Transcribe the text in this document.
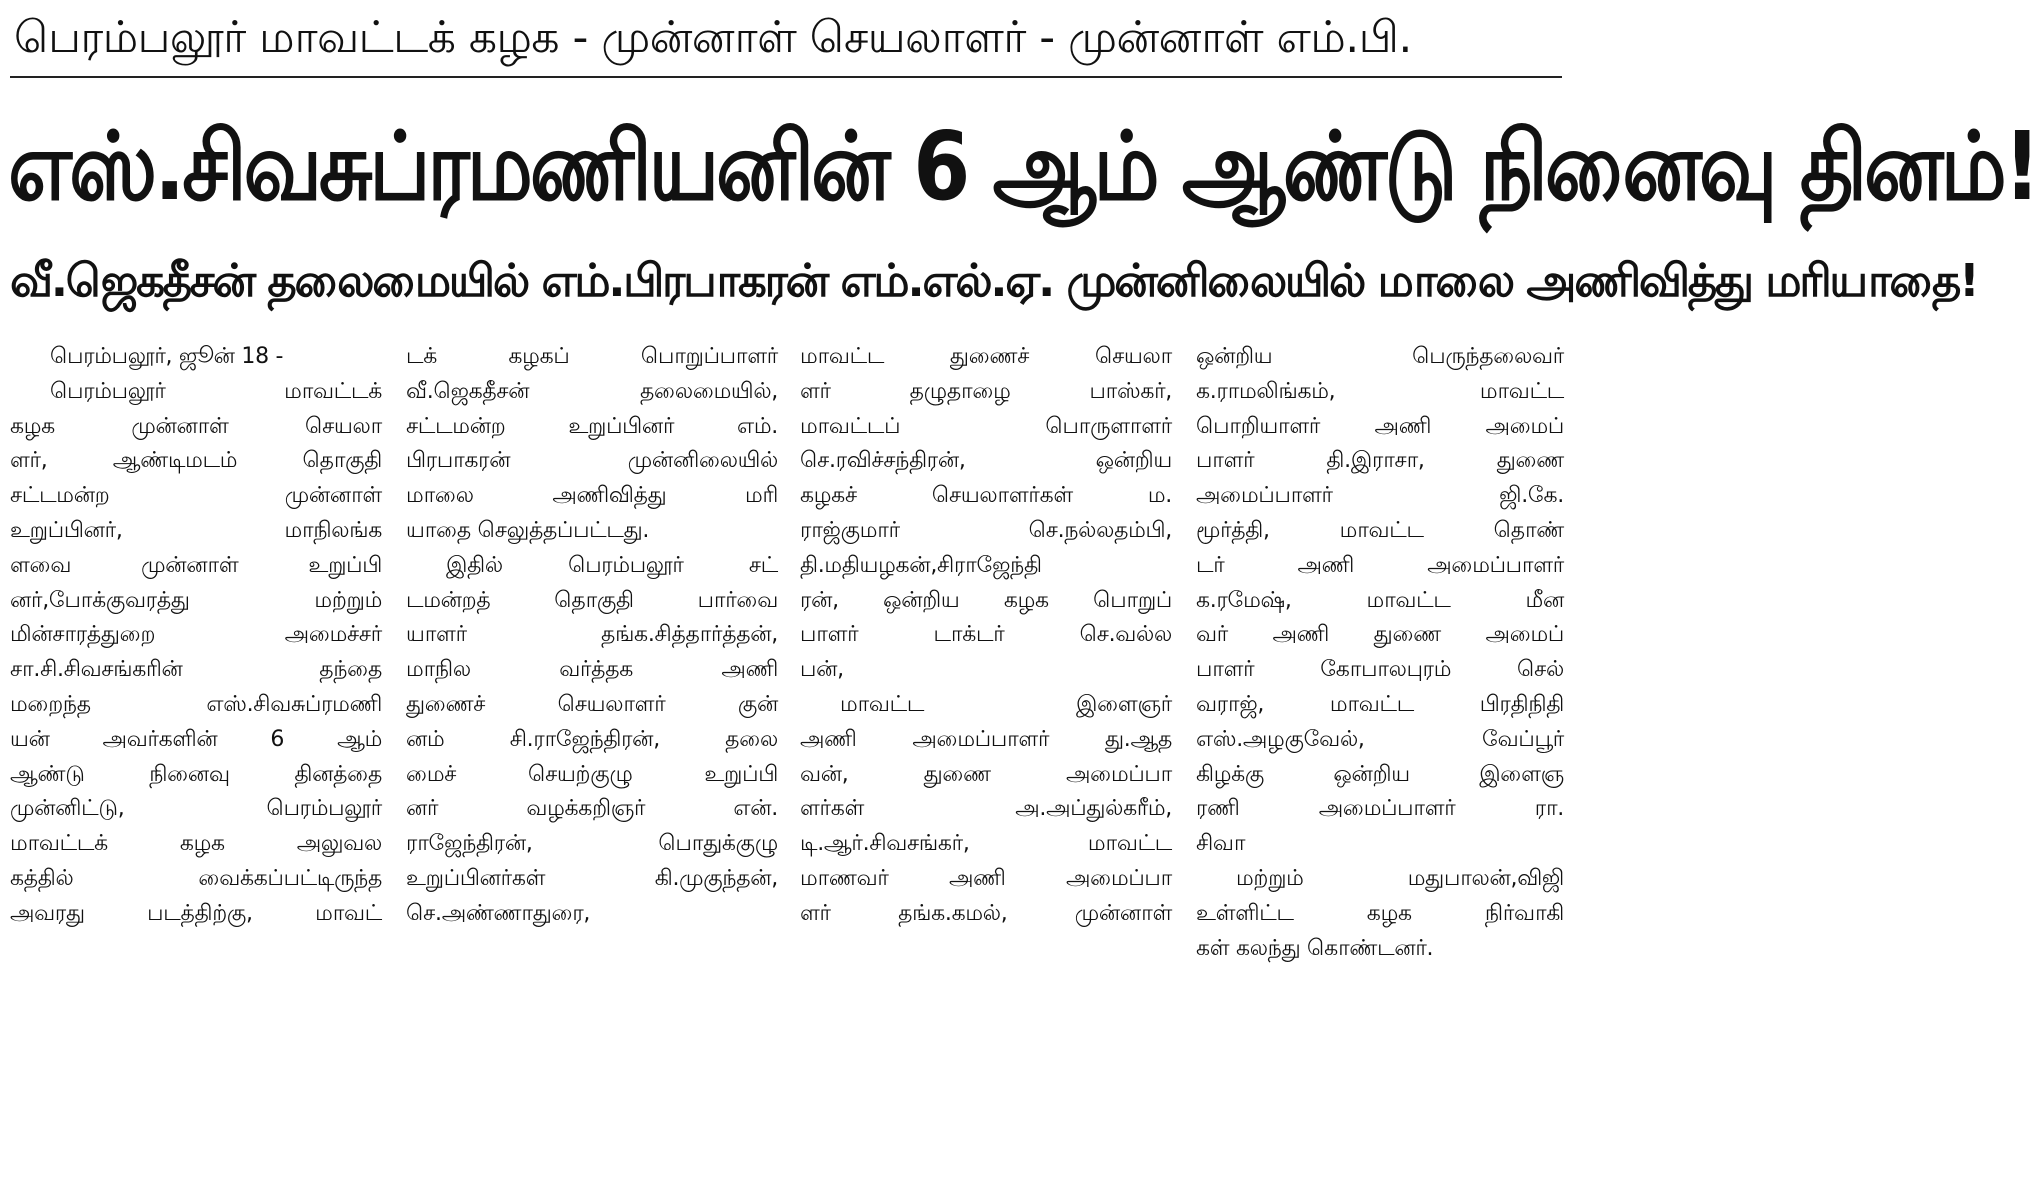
பெரம்பலூர் மாவட்டக் கழக - முன்னாள் செயலாளர் - முன்னாள் எம்.பி.
எஸ்.சிவசுப்ரமணியனின் 6 ஆம் ஆண்டு நினைவு தினம்!
வீ.ஜெகதீசன் தலைமையில் எம்.பிரபாகரன் எம்.எல்.ஏ. முன்னிலையில் மாலை அணிவித்து மரியாதை!
பெரம்பலூர், ஜூன் 18 -
பெரம்பலூர் மாவட்டக்
கழக முன்னாள் செயலா
ளர், ஆண்டிமடம் தொகுதி
சட்டமன்ற முன்னாள்
உறுப்பினர், மாநிலங்க
ளவை முன்னாள் உறுப்பி
னர்,போக்குவரத்து மற்றும்
மின்சாரத்துறை அமைச்சர்
சா.சி.சிவசங்கரின் தந்தை
மறைந்த எஸ்.சிவசுப்ரமணி
யன் அவர்களின் 6 ஆம்
ஆண்டு நினைவு தினத்தை
முன்னிட்டு, பெரம்பலூர்
மாவட்டக் கழக அலுவல
கத்தில் வைக்கப்பட்டிருந்த
அவரது படத்திற்கு, மாவட்
டக் கழகப் பொறுப்பாளர்
வீ.ஜெகதீசன் தலைமையில்,
சட்டமன்ற உறுப்பினர் எம்.
பிரபாகரன் முன்னிலையில்
மாலை அணிவித்து மரி
யாதை செலுத்தப்பட்டது.
இதில் பெரம்பலூர் சட்
டமன்றத் தொகுதி பார்வை
யாளர் தங்க.சித்தார்த்தன்,
மாநில வர்த்தக அணி
துணைச் செயலாளர் குன்
னம் சி.ராஜேந்திரன், தலை
மைச் செயற்குழு உறுப்பி
னர் வழக்கறிஞர் என்.
ராஜேந்திரன், பொதுக்குழு
உறுப்பினர்கள் கி.முகுந்தன்,
செ.அண்ணாதுரை,
மாவட்ட துணைச் செயலா
ளர் தழுதாழை பாஸ்கர்,
மாவட்டப் பொருளாளர்
செ.ரவிச்சந்திரன், ஒன்றிய
கழகச் செயலாளர்கள் ம.
ராஜ்குமார் செ.நல்லதம்பி,
தி.மதியழகன்,சிராஜேந்தி
ரன், ஒன்றிய கழக பொறுப்
பாளர் டாக்டர் செ.வல்ல
பன்,
மாவட்ட இளைஞர்
அணி அமைப்பாளர் து.ஆத
வன், துணை அமைப்பா
ளர்கள் அ.அப்துல்கரீம்,
டி.ஆர்.சிவசங்கர், மாவட்ட
மாணவர் அணி அமைப்பா
ளர் தங்க.கமல், முன்னாள்
ஒன்றிய பெருந்தலைவர்
க.ராமலிங்கம், மாவட்ட
பொறியாளர் அணி அமைப்
பாளர் தி.இராசா, துணை
அமைப்பாளர் ஜி.கே.
மூர்த்தி, மாவட்ட தொண்
டர் அணி அமைப்பாளர்
க.ரமேஷ், மாவட்ட மீன
வர் அணி துணை அமைப்
பாளர் கோபாலபுரம் செல்
வராஜ், மாவட்ட பிரதிநிதி
எஸ்.அழகுவேல், வேப்பூர்
கிழக்கு ஒன்றிய இளைஞ
ரணி அமைப்பாளர் ரா.
சிவா
மற்றும் மதுபாலன்,விஜி
உள்ளிட்ட கழக நிர்வாகி
கள் கலந்து கொண்டனர்.
